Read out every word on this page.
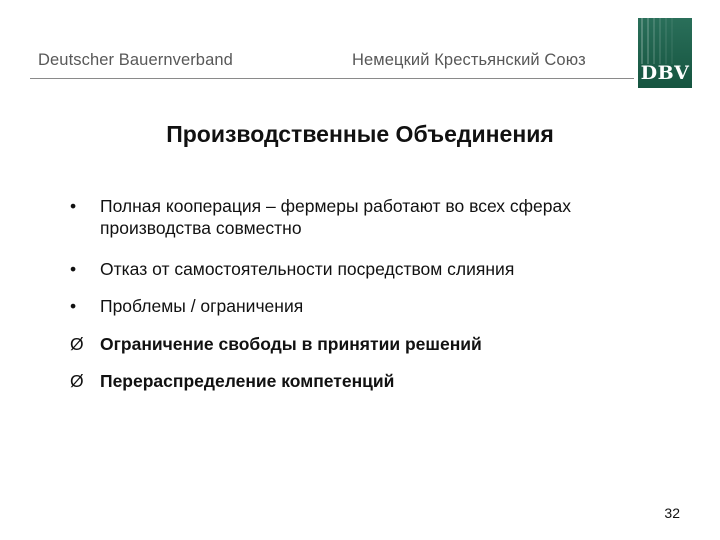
Deutscher Bauernverband	Немецкий Крестьянский Союз
DBV
Производственные Объединения
•	Полная кооперация – фермеры работают во всех сферах производства совместно
•	Отказ от самостоятельности посредством слияния
•	Проблемы / ограничения
Ø Ограничение свободы в принятии решений
Ø Перераспределение компетенций
32
